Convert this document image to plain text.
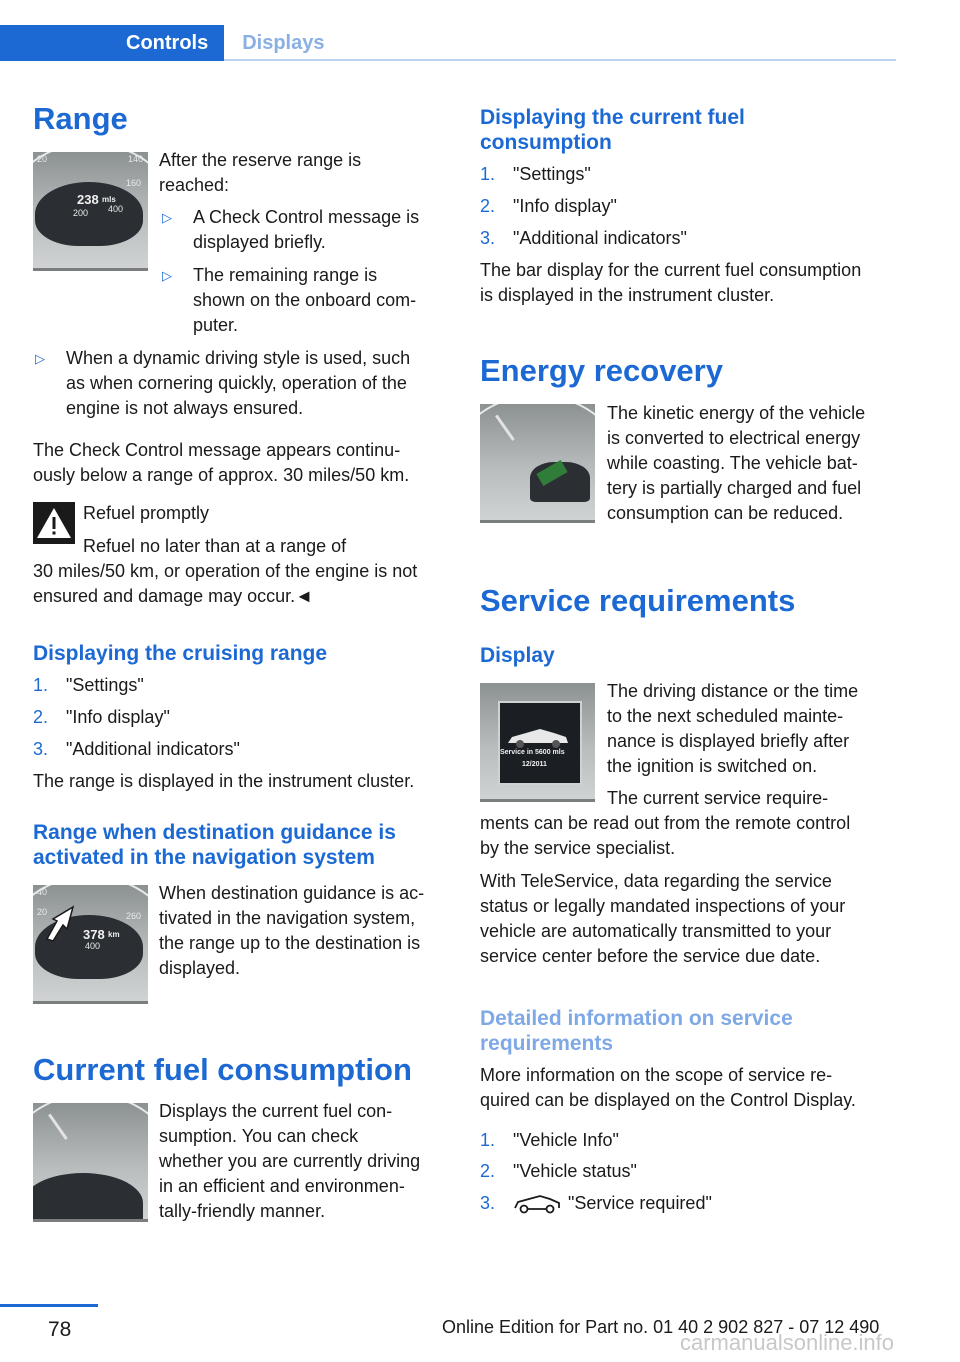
Controls	Displays
Range
20	140
160
200 400
238 mls
After the reserve range is
reached:
▷ A Check Control message is
displayed briefly.
▷ The remaining range is
shown on the onboard com-
puter.
▷ When a dynamic driving style is used, such
as when cornering quickly, operation of the
engine is not always ensured.
The Check Control message appears continu-
ously below a range of approx. 30 miles/50 km.
Refuel promptly
Refuel no later than at a range of
30 miles/50 km, or operation of the engine is not
ensured and damage may occur.◄
Displaying the cruising range
1. "Settings"
2. "Info display"
3. "Additional indicators"
The range is displayed in the instrument cluster.
Range when destination guidance is
activated in the navigation system
40
20	260
400
378 km
When destination guidance is ac-
tivated in the navigation system,
the range up to the destination is
displayed.
Current fuel consumption
Displays the current fuel con-
sumption. You can check
whether you are currently driving
in an efficient and environmen-
tally-friendly manner.
Displaying the current fuel
consumption
1. "Settings"
2. "Info display"
3. "Additional indicators"
The bar display for the current fuel consumption
is displayed in the instrument cluster.
Energy recovery
The kinetic energy of the vehicle
is converted to electrical energy
while coasting. The vehicle bat-
tery is partially charged and fuel
consumption can be reduced.
Service requirements
Display
Service in 5600 mls
12/2011
The driving distance or the time
to the next scheduled mainte-
nance is displayed briefly after
the ignition is switched on.
The current service require-
ments can be read out from the remote control
by the service specialist.
With TeleService, data regarding the service
status or legally mandated inspections of your
vehicle are automatically transmitted to your
service center before the service due date.
Detailed information on service
requirements
More information on the scope of service re-
quired can be displayed on the Control Display.
1. "Vehicle Info"
2. "Vehicle status"
3.	"Service required"
78	Online Edition for Part no. 01 40 2 902 827 - 07 12 490
carmanualsonline.info
